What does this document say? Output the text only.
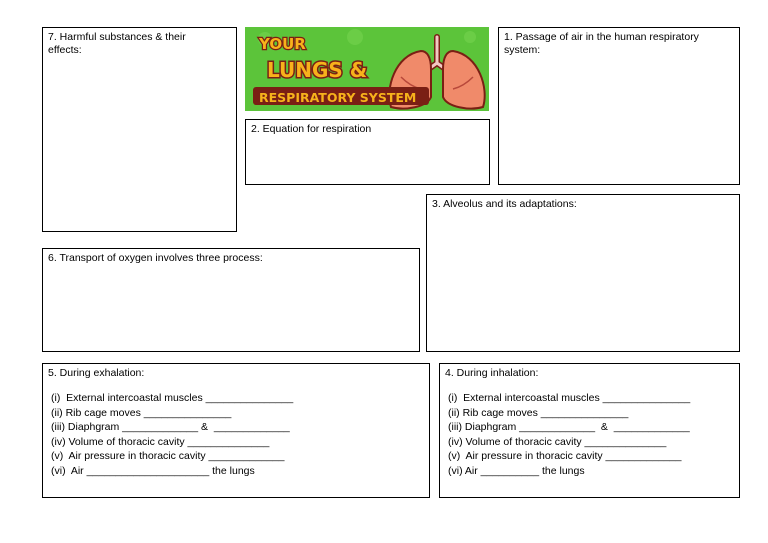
7. Harmful substances & their effects:	YOUR
LUNGS &
RESPIRATORY SYSTEM
2. Equation for respiration
1. Passage of air in the human respiratory system:
3. Alveolus and its adaptations:
6. Transport of oxygen involves three process:
5. During exhalation:
(i)  External intercoastal muscles _______________
(ii) Rib cage moves _______________
(iii) Diaphgram _____________ &  _____________
(iv) Volume of thoracic cavity ______________
(v)  Air pressure in thoracic cavity _____________
(vi)  Air _____________________ the lungs
4. During inhalation:
(i)  External intercoastal muscles _______________
(ii) Rib cage moves _______________
(iii) Diaphgram _____________  &  _____________
(iv) Volume of thoracic cavity ______________
(v)  Air pressure in thoracic cavity _____________
(vi) Air __________ the lungs
